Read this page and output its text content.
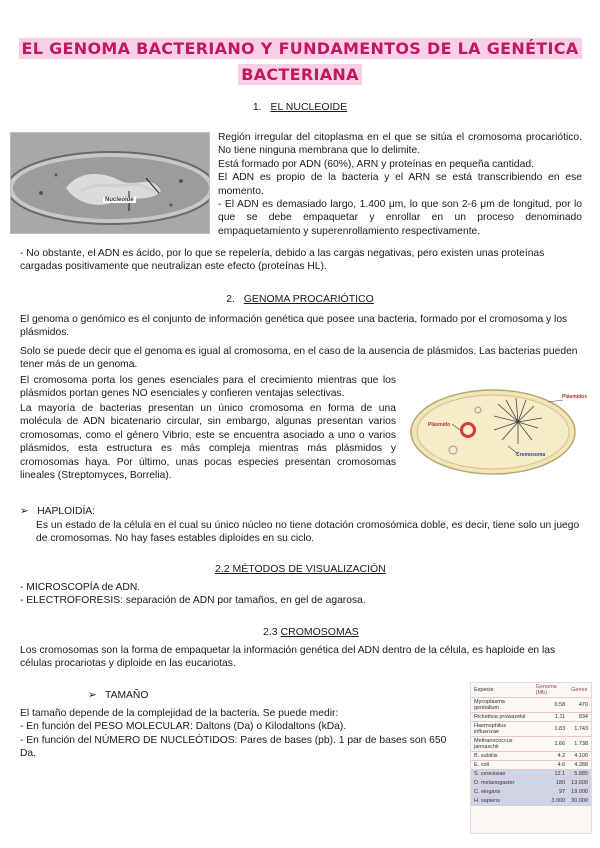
EL GENOMA BACTERIANO Y FUNDAMENTOS DE LA GENÉTICA
BACTERIANA
1. EL NUCLEOIDE
Nucleoide
Región irregular del citoplasma en el que se sitúa el cromosoma procariótico. No tiene ninguna membrana que lo delimite.
Está formado por ADN (60%), ARN y proteínas en pequeña cantidad.
El ADN es propio de la bacteria y el ARN se está transcribiendo en ese momento.
- El ADN es demasiado largo, 1.400 μm, lo que son 2-6 μm de longitud, por lo que se debe empaquetar y enrollar en un proceso denominado empaquetamiento y superenrollamiento respectivamente.
- No obstante, el ADN es ácido, por lo que se repelería, debido a las cargas negativas, pero existen unas proteínas cargadas positivamente que neutralizan este efecto (proteínas HL).
2. GENOMA PROCARIÓTICO
El genoma o genómico es el conjunto de información genética que posee una bacteria, formado por el cromosoma y los plásmidos.
Solo se puede decir que el genoma es igual al cromosoma, en el caso de la ausencia de plásmidos. Las bacterias pueden tener más de un genoma.
El cromosoma porta los genes esenciales para el crecimiento mientras que los plásmidos portan genes NO esenciales y confieren ventajas selectivas.
La mayoría de bacterias presentan un único cromosoma en forma de una molécula de ADN bicatenario circular, sin embargo, algunas presentan varios cromosomas, como el género Vibrio, este se encuentra asociado a uno o varios plásmidos, esta estructura es más compleja mientras más plásmidos y cromosomas haya. Por último, unas pocas especies presentan cromosomas lineales (Streptomyces, Borrelia).
Plásmidos
Plásmido
Cromosoma
➢ HAPLOIDÍA:
Es un estado de la célula en el cual su único núcleo no tiene dotación cromosómica doble, es decir, tiene solo un juego de cromosomas. No hay fases estables diploides en su ciclo.
2.2 MÉTODOS DE VISUALIZACIÓN
- MICROSCOPÍA de ADN.
- ELECTROFORESIS: separación de ADN por tamaños, en gel de agarosa.
2.3 CROMOSOMAS
Los cromosomas son la forma de empaquetar la información genética del ADN dentro de la célula, es haploide en las células procariotas y diploide en las eucariotas.
➢ TAMAÑO
El tamaño depende de la complejidad de la bacteria. Se puede medir:
- En función del PESO MOLECULAR: Daltons (Da) o Kilodaltons (kDa).
- En función del NÚMERO DE NUCLEÓTIDOS: Pares de bases (pb). 1 par de bases son 650 Da.
Especie	Genoma (Mb)	Genes
Mycoplasma genitalium	0.58	470
Rickettsia prowazekii	1.11	834
Haemophilus influenzae	1.83	1.743
Methanococcus jannaschii	1.66	1.738
B. subtilis	4.2	4.100
E. coli	4.6	4.288
S. cerevisiae	12.1	5.885
D. melanogaster	180	13.600
C. elegans	97	19.000
H. sapiens	3.000	30.000
